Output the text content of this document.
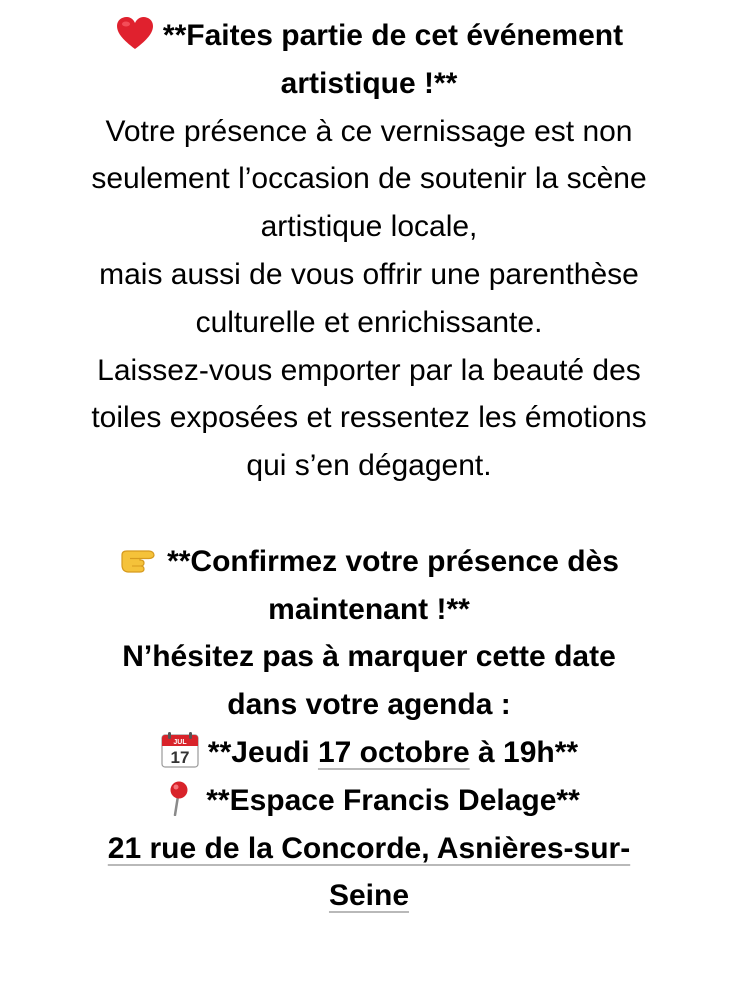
**Faites partie de cet événement
artistique !**
Votre présence à ce vernissage est non
seulement l’occasion de soutenir la scène
artistique locale,
mais aussi de vous offrir une parenthèse
culturelle et enrichissante.
Laissez-vous emporter par la beauté des
toiles exposées et ressentez les émotions
qui s’en dégagent.
**Confirmez votre présence dès
maintenant !**
N’hésitez pas à marquer cette date
dans votre agenda :
JUL
17 **Jeudi 17 octobre à 19h**
**Espace Francis Delage**
21 rue de la Concorde, Asnières-sur-
Seine
